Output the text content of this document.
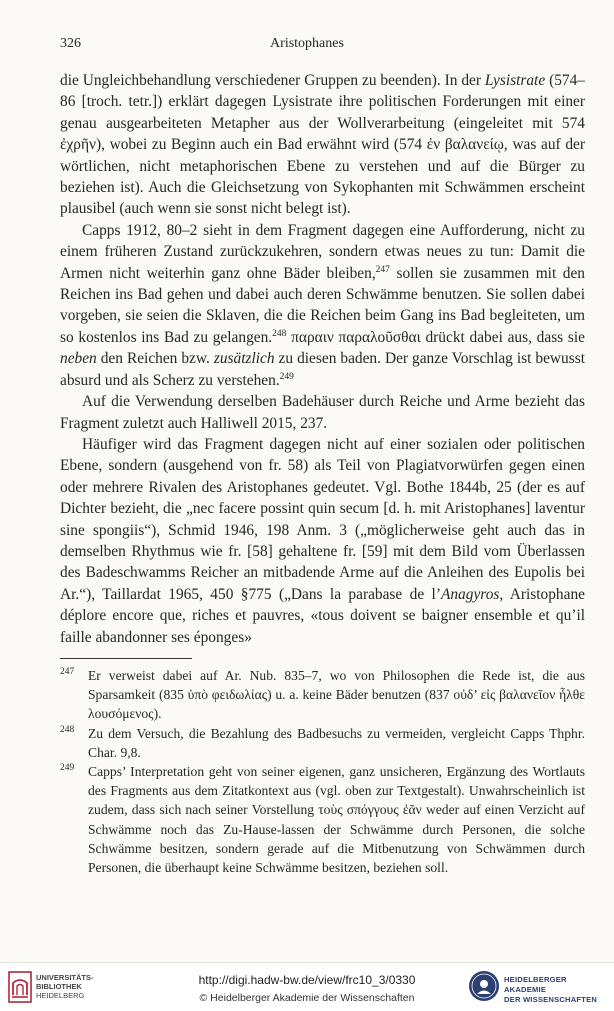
326	Aristophanes

die Ungleichbehandlung verschiedener Gruppen zu beenden). In der Lysistrate (574–86 [troch. tetr.]) erklärt dagegen Lysistrate ihre politischen Forderungen mit einer genau ausgearbeiteten Metapher aus der Wollverarbeitung (eingeleitet mit 574 ἐχρῆν), wobei zu Beginn auch ein Bad erwähnt wird (574 ἐν βαλανείῳ, was auf der wörtlichen, nicht metaphorischen Ebene zu verstehen und auf die Bürger zu beziehen ist). Auch die Gleichsetzung von Sykophanten mit Schwämmen erscheint plausibel (auch wenn sie sonst nicht belegt ist).

Capps 1912, 80–2 sieht in dem Fragment dagegen eine Aufforderung, nicht zu einem früheren Zustand zurückzukehren, sondern etwas neues zu tun: Damit die Armen nicht weiterhin ganz ohne Bäder bleiben,$^{247}$ sollen sie zusammen mit den Reichen ins Bad gehen und dabei auch deren Schwämme benutzen. Sie sollen dabei vorgeben, sie seien die Sklaven, die die Reichen beim Gang ins Bad begleiteten, um so kostenlos ins Bad zu gelangen.$^{248}$ παραιν παραλοῦσθαι drückt dabei aus, dass sie neben den Reichen bzw. zusätzlich zu diesen baden. Der ganze Vorschlag ist bewusst absurd und als Scherz zu verstehen.$^{249}$

Auf die Verwendung derselben Badehäuser durch Reiche und Arme bezieht das Fragment zuletzt auch Halliwell 2015, 237.

Häufiger wird das Fragment dagegen nicht auf einer sozialen oder politischen Ebene, sondern (ausgehend von fr. 58) als Teil von Plagiatvorwürfen gegen einen oder mehrere Rivalen des Aristophanes gedeutet. Vgl. Bothe 1844b, 25 (der es auf Dichter bezieht, die „nec facere possint quin secum [d. h. mit Aristophanes] laventur sine spongiis“), Schmid 1946, 198 Anm. 3 („möglicherweise geht auch das in demselben Rhythmus wie fr. [58] gehaltene fr. [59] mit dem Bild vom Überlassen des Badeschwamms Reicher an mitbadende Arme auf die Anleihen des Eupolis bei Ar.“), Taillardat 1965, 450 §775 („Dans la parabase de l’Anagyros, Aristophane déplore encore que, riches et pauvres, «tous doivent se baigner ensemble et qu’il faille abandonner ses éponges»

247 Er verweist dabei auf Ar. Nub. 835–7, wo von Philosophen die Rede ist, die aus Sparsamkeit (835 ὑπὸ φειδωλίας) u. a. keine Bäder benutzen (837 οὐδ’ εἰς βαλανεῖον ἦλθε λουσόμενος).
248 Zu dem Versuch, die Bezahlung des Badbesuchs zu vermeiden, vergleicht Capps Thphr. Char. 9,8.
249 Capps’ Interpretation geht von seiner eigenen, ganz unsicheren, Ergänzung des Wortlauts des Fragments aus dem Zitatkontext aus (vgl. oben zur Textgestalt). Unwahrscheinlich ist zudem, dass sich nach seiner Vorstellung τοὺς σπόγγους ἐᾶν weder auf einen Verzicht auf Schwämme noch das Zu-Hause-lassen der Schwämme durch Personen, die solche Schwämme besitzen, sondern gerade auf die Mitbenutzung von Schwämmen durch Personen, die überhaupt keine Schwämme besitzen, beziehen soll.
UNIVERSITÄTS-
BIBLIOTHEK
HEIDELBERG
http://digi.hadw-bw.de/view/frc10_3/0330
© Heidelberger Akademie der Wissenschaften
HEIDELBERGER AKADEMIE
DER WISSENSCHAFTEN
